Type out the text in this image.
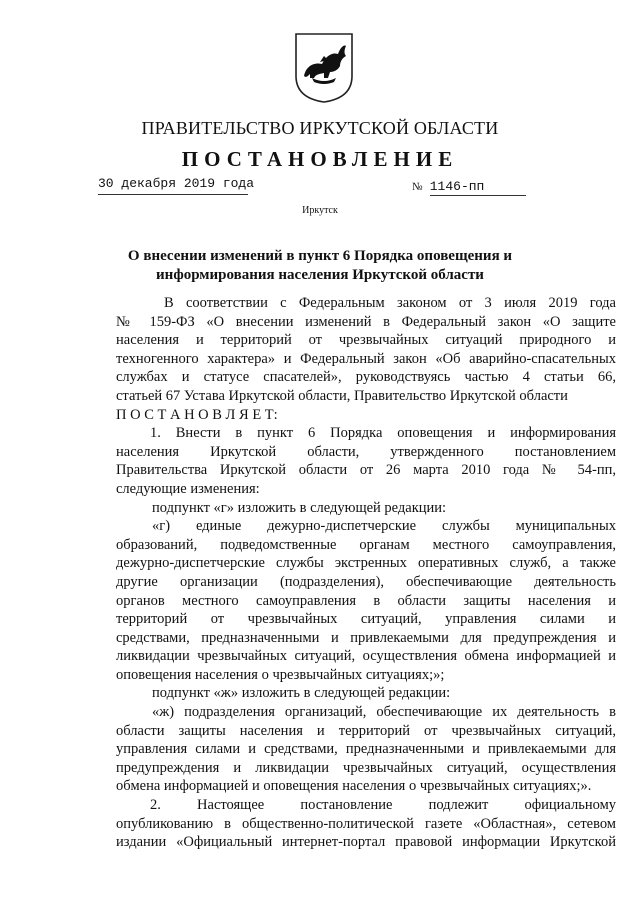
ПРАВИТЕЛЬСТВО ИРКУТСКОЙ ОБЛАСТИ
ПОСТАНОВЛЕНИЕ
30 декабря 2019 года	№ 1146-пп
Иркутск
О внесении изменений в пункт 6 Порядка оповещения и
информирования населения Иркутской области

В соответствии с Федеральным законом от 3 июля 2019 года

№ 159-ФЗ «О внесении изменений в Федеральный закон «О защите

населения и территорий от чрезвычайных ситуаций природного и

техногенного характера» и Федеральный закон «Об аварийно-спасательных

службах и статусе спасателей», руководствуясь частью 4 статьи 66,

статьей 67 Устава Иркутской области, Правительство Иркутской области

П О С Т А Н О В Л Я Е Т:

1. Внести в пункт 6 Порядка оповещения и информирования

населения Иркутской области, утвержденного постановлением

Правительства Иркутской области от 26 марта 2010 года № 54-пп,

следующие изменения:

подпункт «г» изложить в следующей редакции:

«г) единые дежурно-диспетчерские службы муниципальных

образований, подведомственные органам местного самоуправления,

дежурно-диспетчерские службы экстренных оперативных служб, а также

другие организации (подразделения), обеспечивающие деятельность

органов местного самоуправления в области защиты населения и

территорий от чрезвычайных ситуаций, управления силами и

средствами, предназначенными и привлекаемыми для предупреждения и

ликвидации чрезвычайных ситуаций, осуществления обмена информацией и

оповещения населения о чрезвычайных ситуациях;»;

подпункт «ж» изложить в следующей редакции:

«ж) подразделения организаций, обеспечивающие их деятельность в

области защиты населения и территорий от чрезвычайных ситуаций,

управления силами и средствами, предназначенными и привлекаемыми для

предупреждения и ликвидации чрезвычайных ситуаций, осуществления

обмена информацией и оповещения населения о чрезвычайных ситуациях;».

2. Настоящее постановление подлежит официальному

опубликованию в общественно-политической газете «Областная», сетевом

издании «Официальный интернет-портал правовой информации Иркутской
